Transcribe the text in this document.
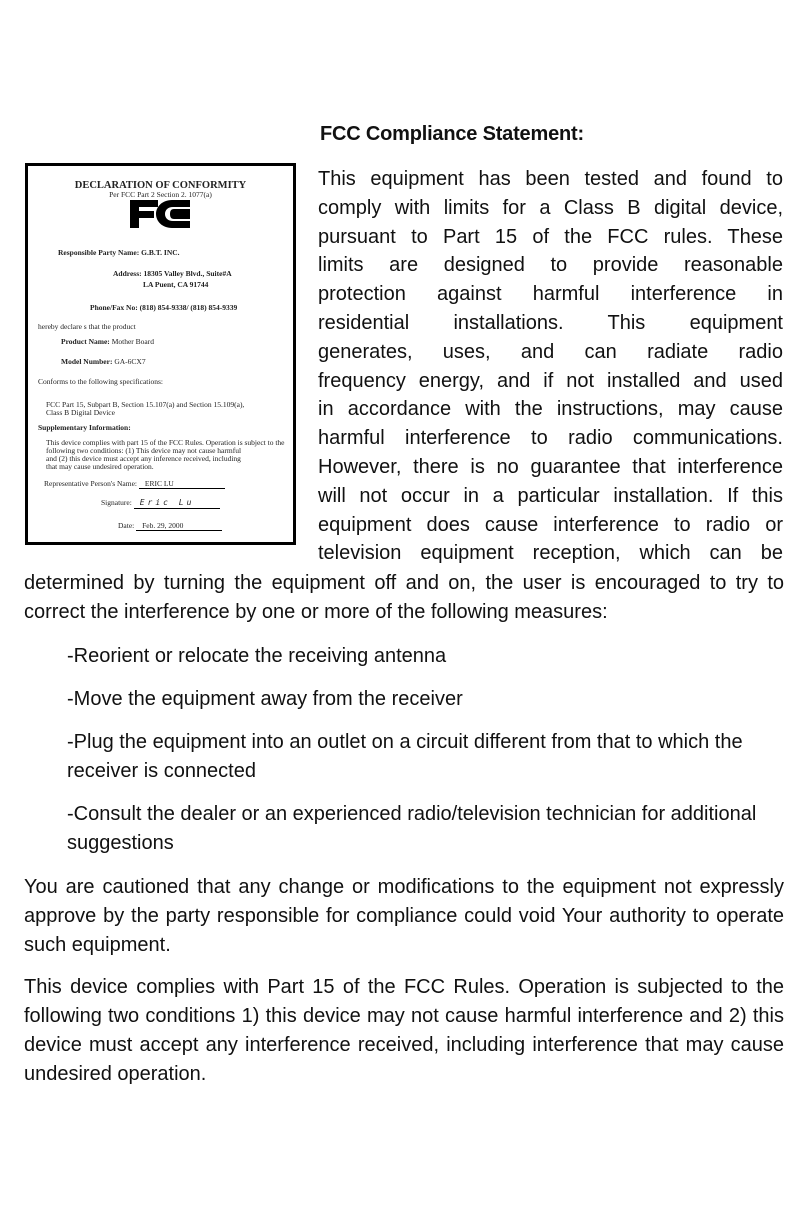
FCC Compliance Statement:
DECLARATION OF CONFORMITY
Per FCC Part 2 Section 2. 1077(a)
Responsible Party Name: G.B.T. INC.
Address: 18305 Valley Blvd., Suite#A
LA Puent, CA 91744
Phone/Fax No: (818) 854-9338/ (818) 854-9339
hereby declare s that the product
Product Name: Mother Board
Model Number: GA-6CX7
Conforms to the following specifications:
FCC Part 15, Subpart B, Section 15.107(a) and Section 15.109(a),
Class B Digital Device
Supplementary Information:
This device complies with part 15 of the FCC Rules. Operation is subject to the
following two conditions: (1) This device may not cause harmful
and (2) this device must accept any inference received, including
that may cause undesired operation.
Representative Person's Name: ERIC LU
Signature: Eric Lu
Date: Feb. 29, 2000
This equipment has been tested and found to
comply with limits for a Class B digital device,
pursuant to Part 15 of the FCC rules. These
limits are designed to provide reasonable
protection against harmful interference in
residential installations. This equipment
generates, uses, and can radiate radio
frequency energy, and if not installed and used
in accordance with the instructions, may cause
harmful interference to radio communications.
However, there is no guarantee that interference
will not occur in a particular installation. If this
equipment does cause interference to radio or
television equipment reception, which can be
determined by turning the equipment off and on, the user is encouraged to try to
correct the interference by one or more of the following measures:
-Reorient or relocate the receiving antenna
-Move the equipment away from the receiver
-Plug the equipment into an outlet on a circuit different from that to which the receiver is connected
-Consult the dealer or an experienced radio/television technician for additional suggestions
You are cautioned that any change or modifications to the equipment not expressly approve by the party responsible for compliance could void Your authority to operate such equipment.
This device complies with Part 15 of the FCC Rules. Operation is subjected to the following two conditions 1) this device may not cause harmful interference and 2) this device must accept any interference received, including interference that may cause undesired operation.
